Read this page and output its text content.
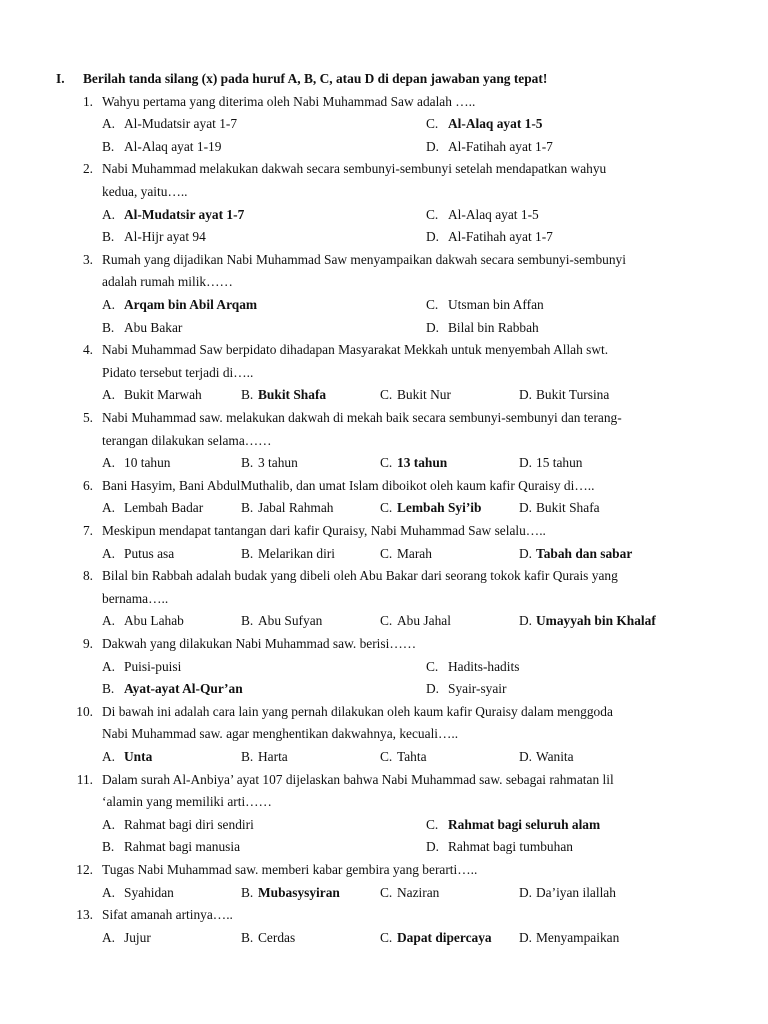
I. Berilah tanda silang (x) pada huruf A, B, C, atau D di depan jawaban yang tepat!
1. Wahyu pertama yang diterima oleh Nabi Muhammad Saw adalah …..
A. Al-Mudatsir ayat 1-7	C. Al-Alaq ayat 1-5
B. Al-Alaq ayat 1-19	D. Al-Fatihah ayat 1-7
2. Nabi Muhammad melakukan dakwah secara sembunyi-sembunyi setelah mendapatkan wahyu
kedua, yaitu…..
A. Al-Mudatsir ayat 1-7	C. Al-Alaq ayat 1-5
B. Al-Hijr ayat 94	D. Al-Fatihah ayat 1-7
3. Rumah yang dijadikan Nabi Muhammad Saw menyampaikan dakwah secara sembunyi-sembunyi
adalah rumah milik……
A. Arqam bin Abil Arqam	C. Utsman bin Affan
B. Abu Bakar	D. Bilal bin Rabbah
4. Nabi Muhammad Saw berpidato dihadapan Masyarakat Mekkah untuk menyembah Allah swt.
Pidato tersebut terjadi di…..
A. Bukit Marwah	B. Bukit Shafa	C. Bukit Nur	D. Bukit Tursina
5. Nabi Muhammad saw. melakukan dakwah di mekah baik secara sembunyi-sembunyi dan terang-
terangan dilakukan selama……
A. 10 tahun	B. 3 tahun	C. 13 tahun	D. 15 tahun
6. Bani Hasyim, Bani AbdulMuthalib, dan umat Islam diboikot oleh kaum kafir Quraisy di…..
A. Lembah Badar	B. Jabal Rahmah	C. Lembah Syi’ib	D. Bukit Shafa
7. Meskipun mendapat tantangan dari kafir Quraisy, Nabi Muhammad Saw selalu…..
A. Putus asa	B. Melarikan diri	C. Marah	D. Tabah dan sabar
8. Bilal bin Rabbah adalah budak yang dibeli oleh Abu Bakar dari seorang tokok kafir Qurais yang
bernama…..
A. Abu Lahab	B. Abu Sufyan	C. Abu Jahal	D. Umayyah bin Khalaf
9. Dakwah yang dilakukan Nabi Muhammad saw. berisi……
A. Puisi-puisi	C. Hadits-hadits
B. Ayat-ayat Al-Qur’an	D. Syair-syair
10. Di bawah ini adalah cara lain yang pernah dilakukan oleh kaum kafir Quraisy dalam menggoda
Nabi Muhammad saw. agar menghentikan dakwahnya, kecuali…..
A. Unta	B. Harta	C. Tahta	D. Wanita
11. Dalam surah Al-Anbiya’ ayat 107 dijelaskan bahwa Nabi Muhammad saw. sebagai rahmatan lil
‘alamin yang memiliki arti……
A. Rahmat bagi diri sendiri	C. Rahmat bagi seluruh alam
B. Rahmat bagi manusia	D. Rahmat bagi tumbuhan
12. Tugas Nabi Muhammad saw. memberi kabar gembira yang berarti…..
A. Syahidan	B. Mubasysyiran	C. Naziran	D. Da’iyan ilallah
13. Sifat amanah artinya…..
A. Jujur	B. Cerdas	C. Dapat dipercaya D. Menyampaikan
